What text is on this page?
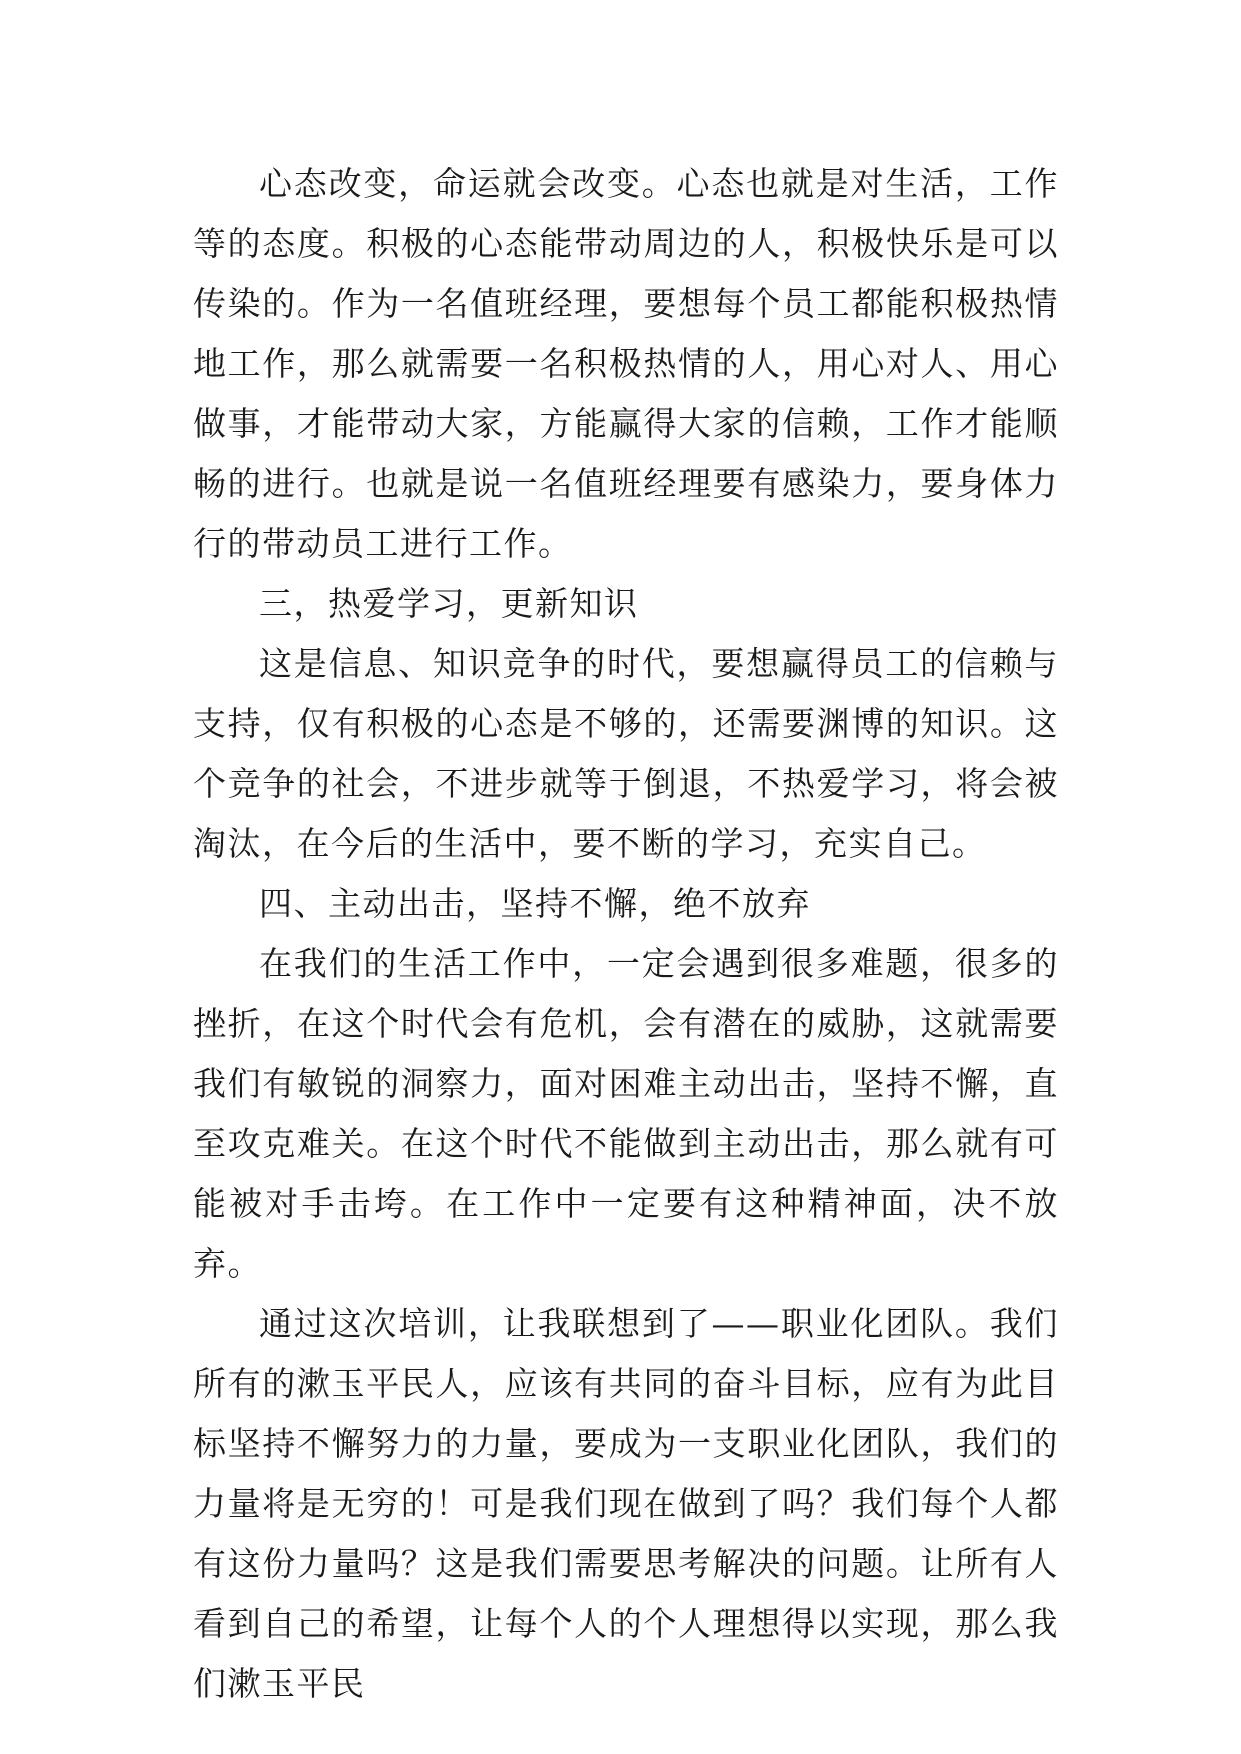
心态改变，命运就会改变。心态也就是对生活，工作等的态度。积极的心态能带动周边的人，积极快乐是可以传染的。作为一名值班经理，要想每个员工都能积极热情地工作，那么就需要一名积极热情的人，用心对人、用心做事，才能带动大家，方能赢得大家的信赖，工作才能顺畅的进行。也就是说一名值班经理要有感染力，要身体力行的带动员工进行工作。

三，热爱学习，更新知识

这是信息、知识竞争的时代，要想赢得员工的信赖与支持，仅有积极的心态是不够的，还需要渊博的知识。这个竞争的社会，不进步就等于倒退，不热爱学习，将会被淘汰，在今后的生活中，要不断的学习，充实自己。

四、主动出击，坚持不懈，绝不放弃

在我们的生活工作中，一定会遇到很多难题，很多的挫折，在这个时代会有危机，会有潜在的威胁，这就需要我们有敏锐的洞察力，面对困难主动出击，坚持不懈，直至攻克难关。在这个时代不能做到主动出击，那么就有可能被对手击垮。在工作中一定要有这种精神面，决不放弃。

通过这次培训，让我联想到了——职业化团队。我们所有的漱玉平民人，应该有共同的奋斗目标，应有为此目标坚持不懈努力的力量，要成为一支职业化团队，我们的力量将是无穷的！可是我们现在做到了吗？我们每个人都有这份力量吗？这是我们需要思考解决的问题。让所有人看到自己的希望，让每个人的个人理想得以实现，那么我们漱玉平民
